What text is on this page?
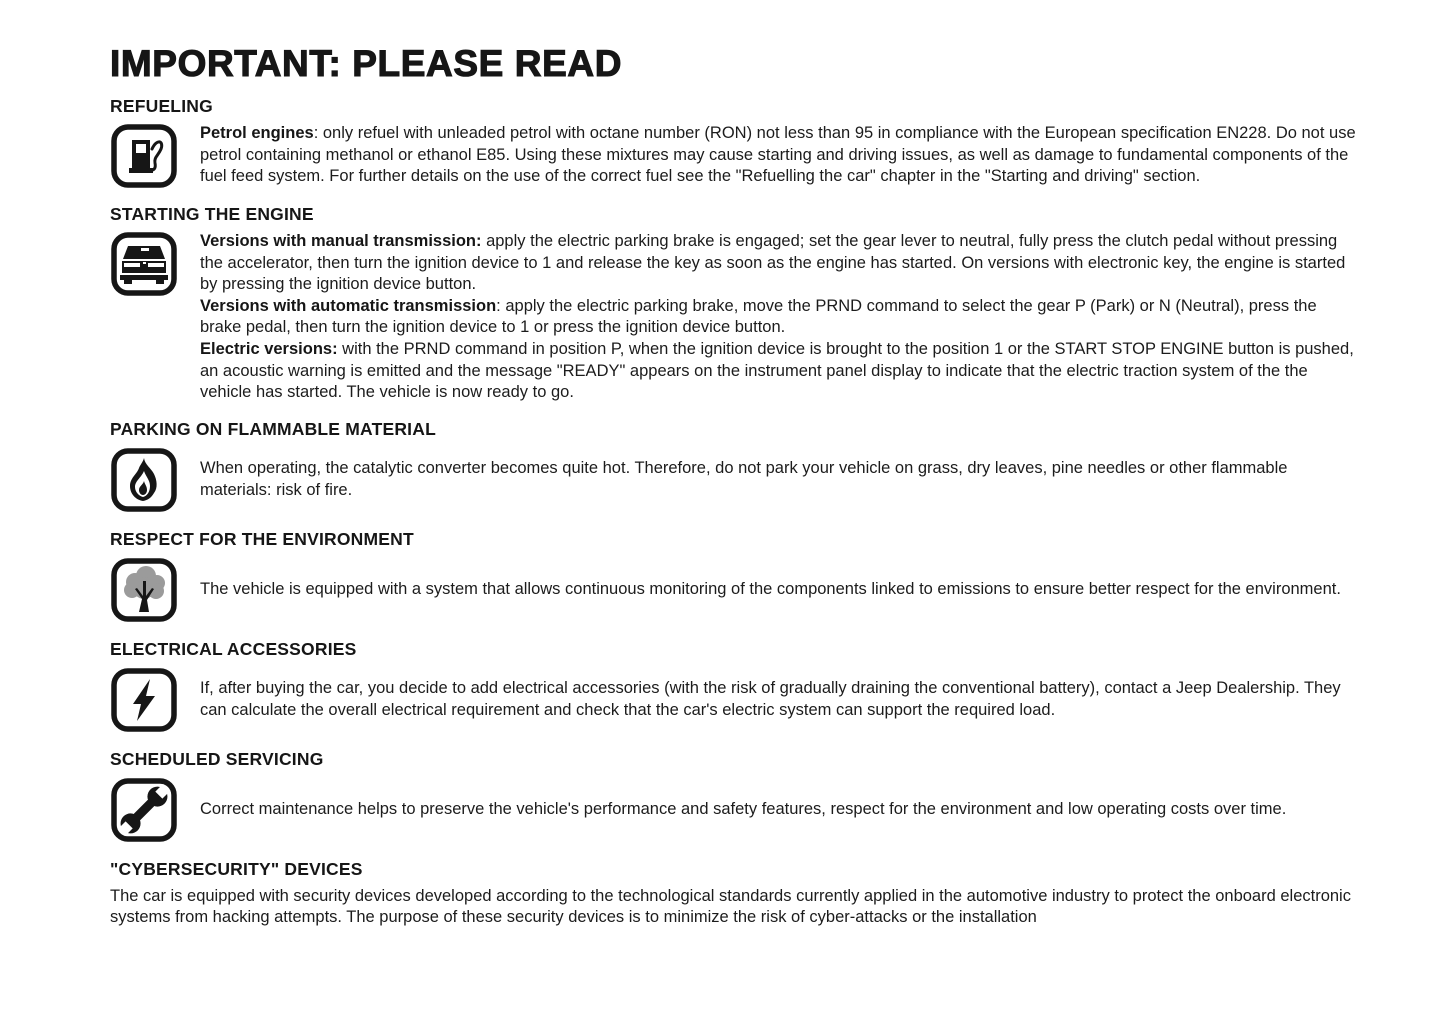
IMPORTANT: PLEASE READ
REFUELING

Petrol engines: only refuel with unleaded petrol with octane number (RON) not less than 95 in compliance with the European specification EN228. Do not use petrol containing methanol or ethanol E85. Using these mixtures may cause starting and driving issues, as well as damage to fundamental components of the fuel feed system. For further details on the use of the correct fuel see the "Refuelling the car" chapter in the "Starting and driving" section.

STARTING THE ENGINE

Versions with manual transmission: apply the electric parking brake is engaged; set the gear lever to neutral, fully press the clutch pedal without pressing the accelerator, then turn the ignition device to 1 and release the key as soon as the engine has started. On versions with electronic key, the engine is started by pressing the ignition device button.

Versions with automatic transmission: apply the electric parking brake, move the PRND command to select the gear P (Park) or N (Neutral), press the brake pedal, then turn the ignition device to 1 or press the ignition device button.

Electric versions: with the PRND command in position P, when the ignition device is brought to the position 1 or the START STOP ENGINE button is pushed, an acoustic warning is emitted and the message "READY" appears on the instrument panel display to indicate that the electric traction system of the the vehicle has started. The vehicle is now ready to go.

PARKING ON FLAMMABLE MATERIAL

When operating, the catalytic converter becomes quite hot. Therefore, do not park your vehicle on grass, dry leaves, pine needles or other flammable materials: risk of fire.

RESPECT FOR THE ENVIRONMENT

The vehicle is equipped with a system that allows continuous monitoring of the components linked to emissions to ensure better respect for the environment.

ELECTRICAL ACCESSORIES

If, after buying the car, you decide to add electrical accessories (with the risk of gradually draining the conventional battery), contact a Jeep Dealership. They can calculate the overall electrical requirement and check that the car's electric system can support the required load.

SCHEDULED SERVICING

Correct maintenance helps to preserve the vehicle's performance and safety features, respect for the environment and low operating costs over time.

"CYBERSECURITY" DEVICES

The car is equipped with security devices developed according to the technological standards currently applied in the automotive industry to protect the onboard electronic systems from hacking attempts. The purpose of these security devices is to minimize the risk of cyber-attacks or the installation
